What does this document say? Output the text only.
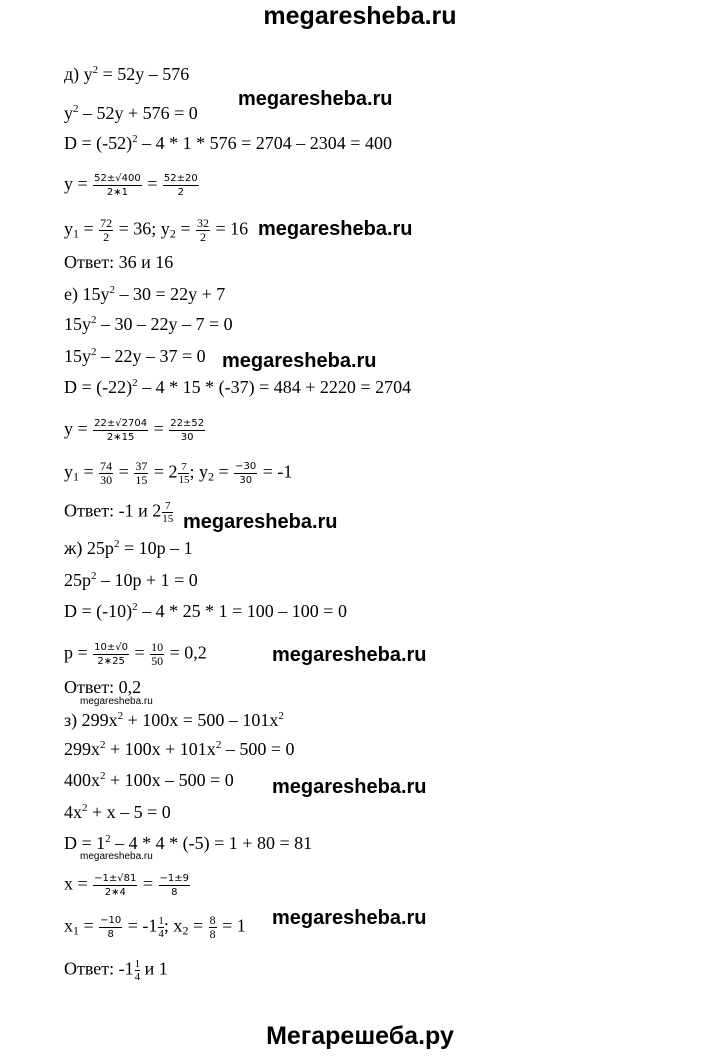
megaresheba.ru
д) $y^2 = 52y - 576$
$y^2 - 52y + 576 = 0$
$D = (-52)^2 - 4 * 1 * 576 = 2704 - 2304 = 400$
$y = \frac{52\pm√400}{2∗1} = \frac{52\pm 20}{2}$
$y_1 = \frac{72}{2} = 36$; $y_2 = \frac{32}{2} = 16$
Ответ: 36 и 16
е) $15y^2 - 30 = 22y + 7$
$15y^2 - 30 - 22y - 7 = 0$
$15y^2 - 22y - 37 = 0$
$D = (-22)^2 - 4 * 15 * (-37) = 484 + 2220 = 2704$
$y = \frac{22\pm√2704}{2∗15} = \frac{22\pm 52}{30}$
$y_1 = \frac{74}{30} = \frac{37}{15} = 2 \frac{7}{15}$ ; $y_2 = \frac{-30}{30} = -1$
Ответ: -1 и $2 \frac{7}{15}$
ж) $25p^2 = 10p - 1$
$25p^2 - 10p + 1 = 0$
$D = (-10)^2 - 4 * 25 * 1 = 100 - 100 = 0$
$p = \frac{10\pm√0}{2∗25} = \frac{10}{50} = 0,2$
Ответ: 0,2
з) $299x^2 + 100x = 500 - 101x^2$
$299x^2 + 100x + 101x^2 - 500 = 0$
$400x^2 + 100x - 500 = 0$
$4x^2 + x - 5 = 0$
$D = 1^2 - 4 * 4 * (-5) = 1 + 80 = 81$
$x = \frac{-1\pm√81}{2∗4} = \frac{-1\pm 9}{8}$
$x_1 = \frac{-10}{8} = -1 \frac{1}{4}$ ; $x_2 = \frac{8}{8} = 1$
Ответ: $-1 \frac{1}{4}$ и 1
megaresheba.ru
megaresheba.ru
megaresheba.ru
megaresheba.ru
megaresheba.ru
megaresheba.ru
megaresheba.ru
megaresheba.ru
megaresheba.ru
Мегарешеба.ру
